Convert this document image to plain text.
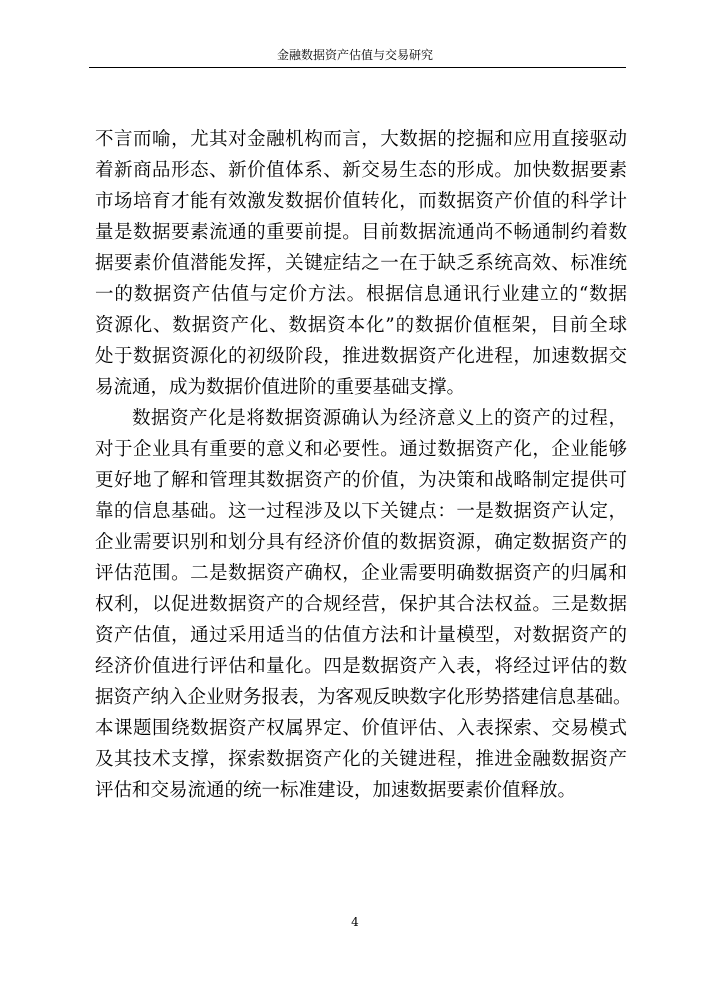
金融数据资产估值与交易研究
不言而喻，尤其对金融机构而言，大数据的挖掘和应用直接驱动
着新商品形态、新价值体系、新交易生态的形成。加快数据要素
市场培育才能有效激发数据价值转化，而数据资产价值的科学计
量是数据要素流通的重要前提。目前数据流通尚不畅通制约着数
据要素价值潜能发挥，关键症结之一在于缺乏系统高效、标准统
一的数据资产估值与定价方法。根据信息通讯行业建立的“数据
资源化、数据资产化、数据资本化”的数据价值框架，目前全球
处于数据资源化的初级阶段，推进数据资产化进程，加速数据交
易流通，成为数据价值进阶的重要基础支撑。
数据资产化是将数据资源确认为经济意义上的资产的过程，
对于企业具有重要的意义和必要性。通过数据资产化，企业能够
更好地了解和管理其数据资产的价值，为决策和战略制定提供可
靠的信息基础。这一过程涉及以下关键点：一是数据资产认定，
企业需要识别和划分具有经济价值的数据资源，确定数据资产的
评估范围。二是数据资产确权，企业需要明确数据资产的归属和
权利，以促进数据资产的合规经营，保护其合法权益。三是数据
资产估值，通过采用适当的估值方法和计量模型，对数据资产的
经济价值进行评估和量化。四是数据资产入表，将经过评估的数
据资产纳入企业财务报表，为客观反映数字化形势搭建信息基础。
本课题围绕数据资产权属界定、价值评估、入表探索、交易模式
及其技术支撑，探索数据资产化的关键进程，推进金融数据资产
评估和交易流通的统一标准建设，加速数据要素价值释放。
4
